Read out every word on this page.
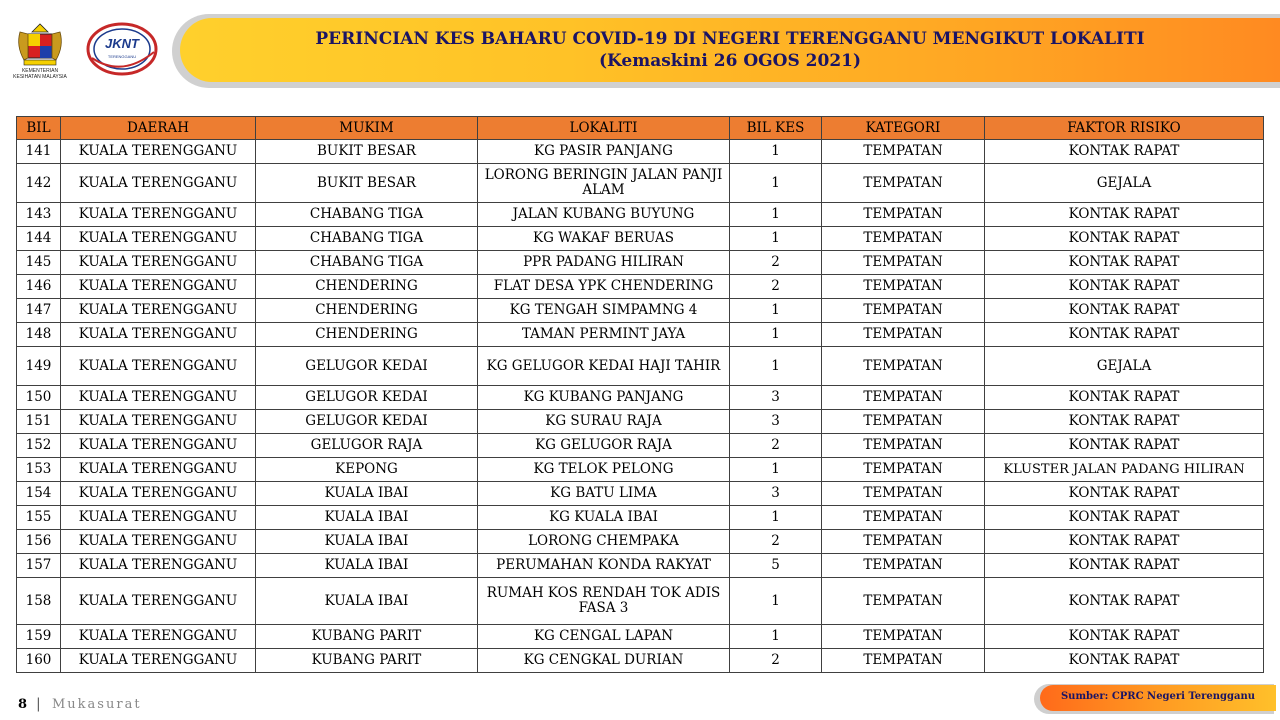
KEMENTERIAN KESIHATAN MALAYSIA
JKNT
TERENGGANU
PERINCIAN KES BAHARU COVID-19 DI NEGERI TERENGGANU MENGIKUT LOKALITI
(Kemaskini 26 OGOS 2021)
BIL	DAERAH	MUKIM	LOKALITI	BIL KES	KATEGORI	FAKTOR RISIKO
141	KUALA TERENGGANU	BUKIT BESAR	KG PASIR PANJANG	1	TEMPATAN	KONTAK RAPAT
142	KUALA TERENGGANU	BUKIT BESAR	LORONG BERINGIN JALAN PANJI ALAM	1	TEMPATAN	GEJALA
143	KUALA TERENGGANU	CHABANG TIGA	JALAN KUBANG BUYUNG	1	TEMPATAN	KONTAK RAPAT
144	KUALA TERENGGANU	CHABANG TIGA	KG WAKAF BERUAS	1	TEMPATAN	KONTAK RAPAT
145	KUALA TERENGGANU	CHABANG TIGA	PPR PADANG HILIRAN	2	TEMPATAN	KONTAK RAPAT
146	KUALA TERENGGANU	CHENDERING	FLAT DESA YPK CHENDERING	2	TEMPATAN	KONTAK RAPAT
147	KUALA TERENGGANU	CHENDERING	KG TENGAH SIMPAMNG 4	1	TEMPATAN	KONTAK RAPAT
148	KUALA TERENGGANU	CHENDERING	TAMAN PERMINT JAYA	1	TEMPATAN	KONTAK RAPAT
149	KUALA TERENGGANU	GELUGOR KEDAI	KG GELUGOR KEDAI HAJI TAHIR	1	TEMPATAN	GEJALA
150	KUALA TERENGGANU	GELUGOR KEDAI	KG KUBANG PANJANG	3	TEMPATAN	KONTAK RAPAT
151	KUALA TERENGGANU	GELUGOR KEDAI	KG SURAU RAJA	3	TEMPATAN	KONTAK RAPAT
152	KUALA TERENGGANU	GELUGOR RAJA	KG GELUGOR RAJA	2	TEMPATAN	KONTAK RAPAT
153	KUALA TERENGGANU	KEPONG	KG TELOK PELONG	1	TEMPATAN	KLUSTER JALAN PADANG HILIRAN
154	KUALA TERENGGANU	KUALA IBAI	KG BATU LIMA	3	TEMPATAN	KONTAK RAPAT
155	KUALA TERENGGANU	KUALA IBAI	KG KUALA IBAI	1	TEMPATAN	KONTAK RAPAT
156	KUALA TERENGGANU	KUALA IBAI	LORONG CHEMPAKA	2	TEMPATAN	KONTAK RAPAT
157	KUALA TERENGGANU	KUALA IBAI	PERUMAHAN KONDA RAKYAT	5	TEMPATAN	KONTAK RAPAT
158	KUALA TERENGGANU	KUALA IBAI	RUMAH KOS RENDAH TOK ADIS FASA 3	1	TEMPATAN	KONTAK RAPAT
159	KUALA TERENGGANU	KUBANG PARIT	KG CENGAL LAPAN	1	TEMPATAN	KONTAK RAPAT
160	KUALA TERENGGANU	KUBANG PARIT	KG CENGKAL DURIAN	2	TEMPATAN	KONTAK RAPAT
8 | Mukasurat
Sumber: CPRC Negeri Terengganu
